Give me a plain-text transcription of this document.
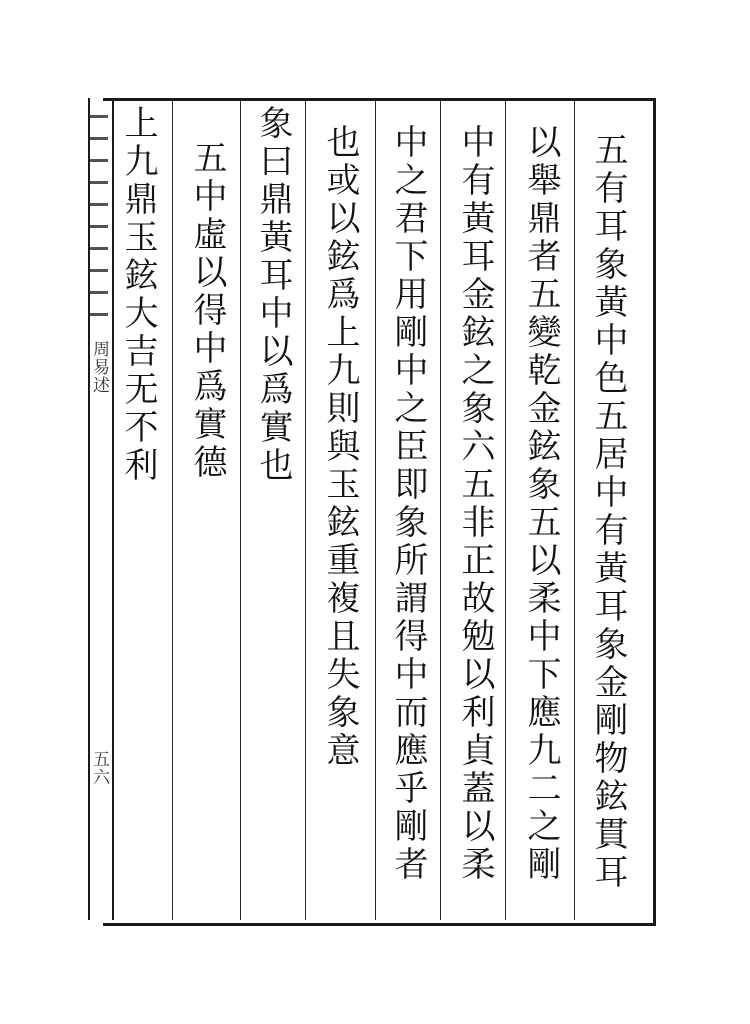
周易述
五六	五有耳象黃中色五居中有黃耳象金剛物鉉貫耳
以舉鼎者五變乾金鉉象五以柔中下應九二之剛
中有黃耳金鉉之象六五非正故勉以利貞蓋以柔
中之君下用剛中之臣即象所謂得中而應乎剛者
也或以鉉爲上九則與玉鉉重複且失象意
象曰鼎黃耳中以爲實也
五中虛以得中爲實德
上九鼎玉鉉大吉无不利
